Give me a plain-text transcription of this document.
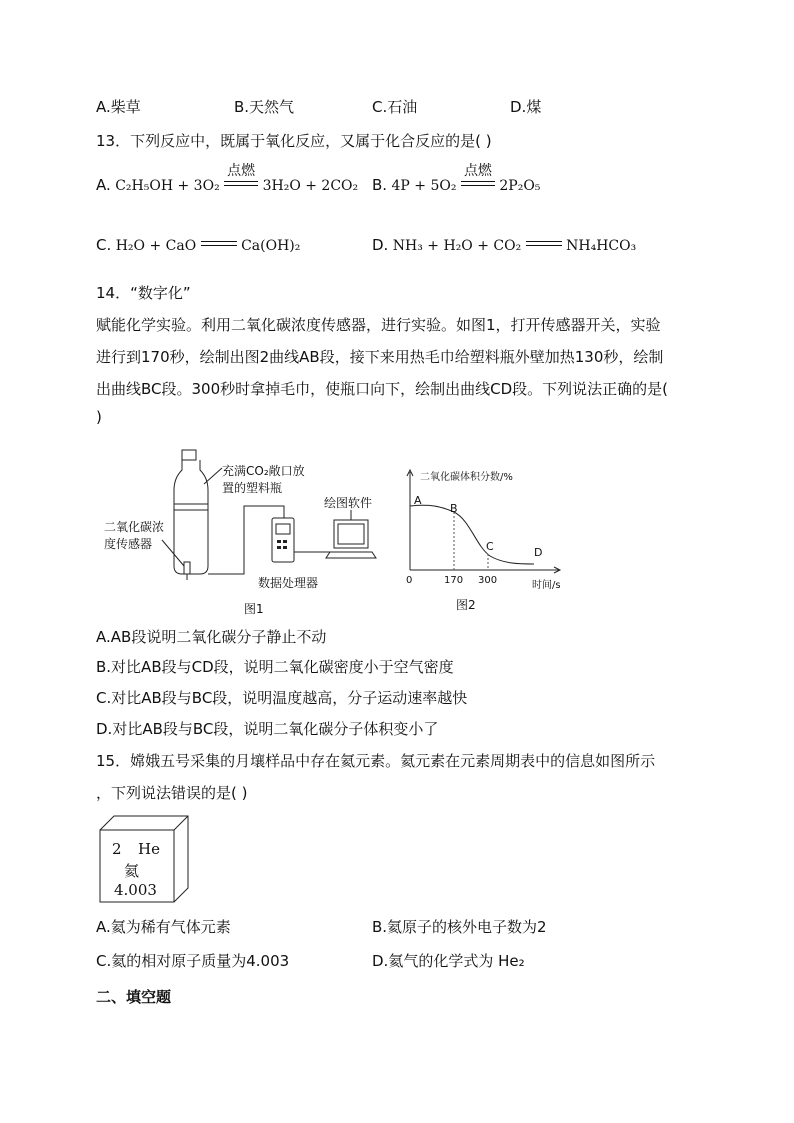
A.柴草	B.天然气	C.石油	D.煤
13．下列反应中，既属于氧化反应，又属于化合反应的是( )
A. C₂H₅OH + 3O₂
点燃
3H₂O + 2CO₂ B. 4P + 5O₂
点燃
2P₂O₅
C. H₂O + CaO	Ca(OH)₂	D. NH₃ + H₂O + CO₂	NH₄HCO₃
14．“数字化”
赋能化学实验。利用二氧化碳浓度传感器，进行实验。如图1，打开传感器开关，实验
进行到170秒，绘制出图2曲线AB段，接下来用热毛巾给塑料瓶外壁加热130秒，绘制
出曲线BC段。300秒时拿掉毛巾，使瓶口向下，绘制出曲线CD段。下列说法正确的是(
)
充满CO₂敞口放
置的塑料瓶
二氧化碳浓
度传感器
绘图软件
数据处理器
图1
二氧化碳体积分数/%
A
B
C	D
0	170 300	时间/s
图2
A.AB段说明二氧化碳分子静止不动
B.对比AB段与CD段，说明二氧化碳密度小于空气密度
C.对比AB段与BC段，说明温度越高，分子运动速率越快
D.对比AB段与BC段，说明二氧化碳分子体积变小了
15．嫦娥五号采集的月壤样品中存在氦元素。氦元素在元素周期表中的信息如图所示
，下列说法错误的是( )
2 He
氦
4.003
A.氦为稀有气体元素	B.氦原子的核外电子数为2
C.氦的相对原子质量为4.003	D.氦气的化学式为 He₂
二、填空题
